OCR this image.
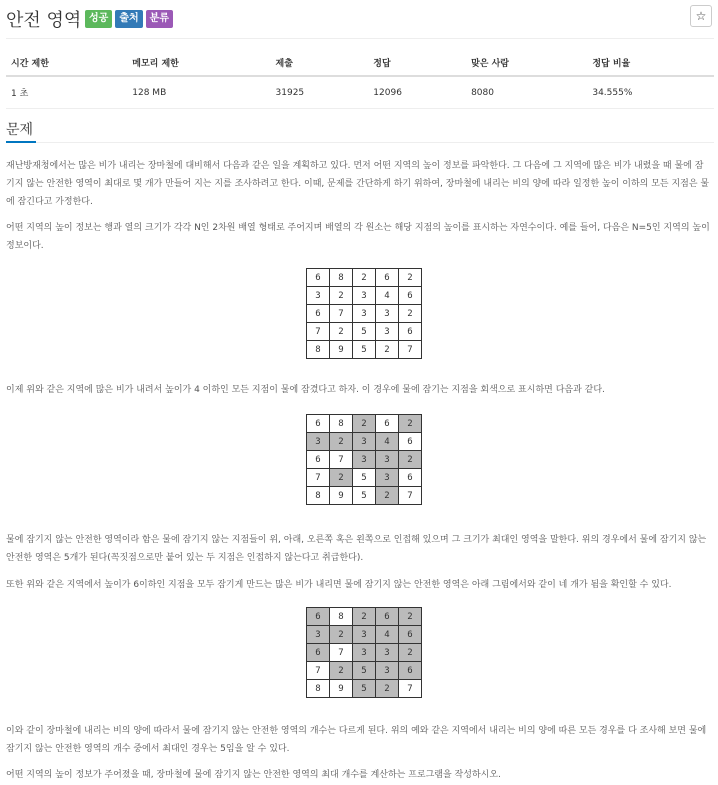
안전 영역 성공	출처	분류	☆
시간 제한	메모리 제한	제출	정답	맞은 사람	정답 비율
1 초	128 MB	31925	12096	8080	34.555%
문제

재난방재청에서는 많은 비가 내리는 장마철에 대비해서 다음과 같은 일을 계획하고 있다. 먼저 어떤 지역의 높이 정보를 파악한다. 그 다음에 그 지역에 많은 비가 내렸을 때 물에 잠기지 않는 안전한 영역이 최대로 몇 개가 만들어 지는 지를 조사하려고 한다. 이때, 문제를 간단하게 하기 위하여, 장마철에 내리는 비의 양에 따라 일정한 높이 이하의 모든 지점은 물에 잠긴다고 가정한다.

어떤 지역의 높이 정보는 행과 열의 크기가 각각 N인 2차원 배열 형태로 주어지며 배열의 각 원소는 해당 지점의 높이를 표시하는 자연수이다. 예를 들어, 다음은 N=5인 지역의 높이 정보이다.

6	8	2	6	2
3	2	3	4	6
6	7	3	3	2
7	2	5	3	6
8	9	5	2	7

이제 위와 같은 지역에 많은 비가 내려서 높이가 4 이하인 모든 지점이 물에 잠겼다고 하자. 이 경우에 물에 잠기는 지점을 회색으로 표시하면 다음과 같다.

6	8	2	6	2
3	2	3	4	6
6	7	3	3	2
7	2	5	3	6
8	9	5	2	7

물에 잠기지 않는 안전한 영역이라 함은 물에 잠기지 않는 지점들이 위, 아래, 오른쪽 혹은 왼쪽으로 인접해 있으며 그 크기가 최대인 영역을 말한다. 위의 경우에서 물에 잠기지 않는 안전한 영역은 5개가 된다(꼭짓점으로만 붙어 있는 두 지점은 인접하지 않는다고 취급한다).

또한 위와 같은 지역에서 높이가 6이하인 지점을 모두 잠기게 만드는 많은 비가 내리면 물에 잠기지 않는 안전한 영역은 아래 그림에서와 같이 네 개가 됨을 확인할 수 있다.

6	8	2	6	2
3	2	3	4	6
6	7	3	3	2
7	2	5	3	6
8	9	5	2	7

이와 같이 장마철에 내리는 비의 양에 따라서 물에 잠기지 않는 안전한 영역의 개수는 다르게 된다. 위의 예와 같은 지역에서 내리는 비의 양에 따른 모든 경우를 다 조사해 보면 물에 잠기지 않는 안전한 영역의 개수 중에서 최대인 경우는 5임을 알 수 있다.

어떤 지역의 높이 정보가 주어졌을 때, 장마철에 물에 잠기지 않는 안전한 영역의 최대 개수를 계산하는 프로그램을 작성하시오.
